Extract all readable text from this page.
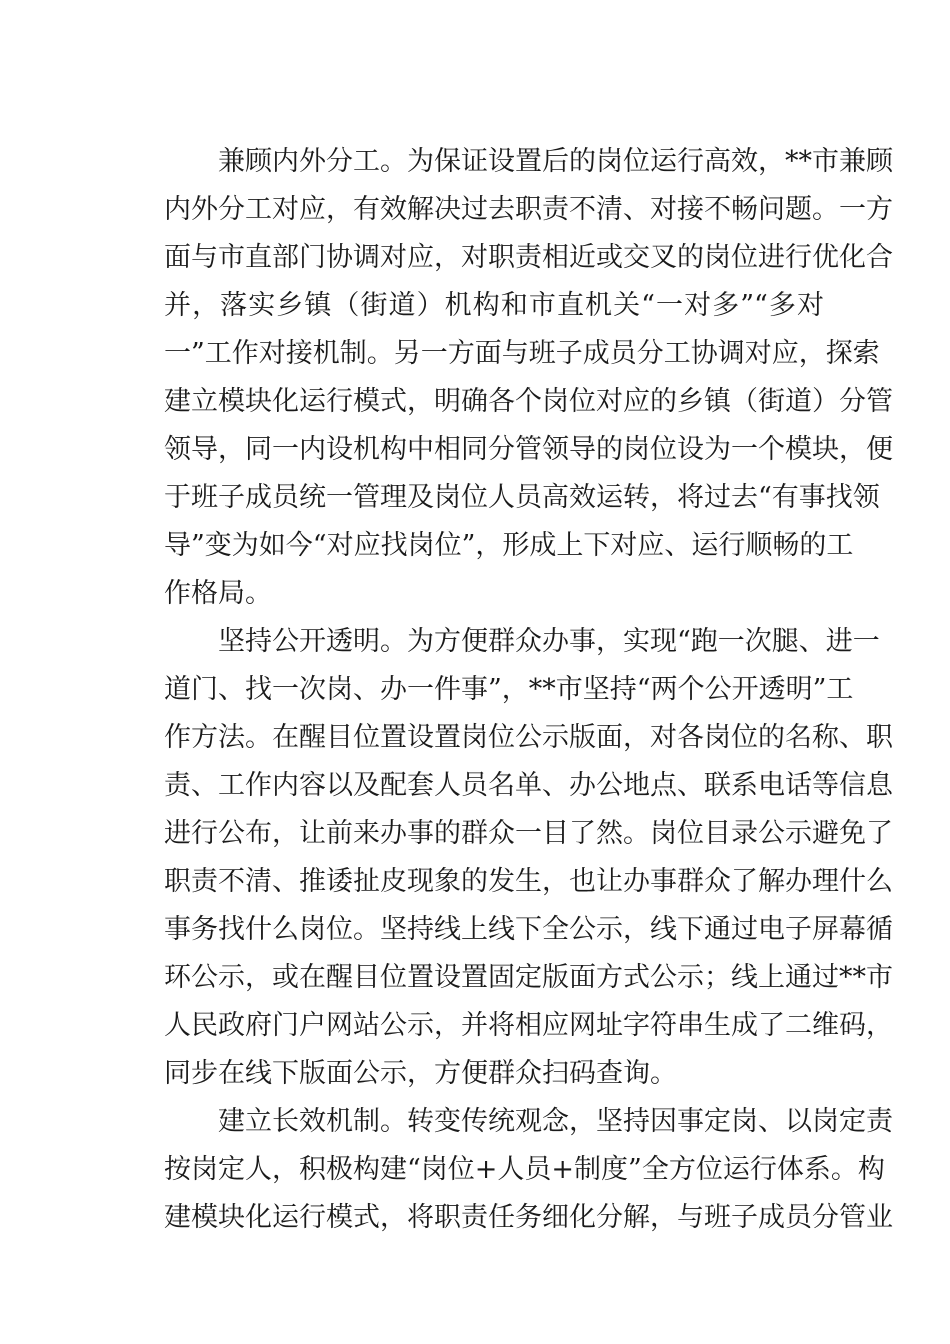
兼顾内外分工。为保证设置后的岗位运行高效，**市兼顾
内外分工对应，有效解决过去职责不清、对接不畅问题。一方
面与市直部门协调对应，对职责相近或交叉的岗位进行优化合
并，落实乡镇（街道）机构和市直机关“一对多”“多对
一”工作对接机制。另一方面与班子成员分工协调对应，探索
建立模块化运行模式，明确各个岗位对应的乡镇（街道）分管
领导，同一内设机构中相同分管领导的岗位设为一个模块，便
于班子成员统一管理及岗位人员高效运转，将过去“有事找领
导”变为如今“对应找岗位”，形成上下对应、运行顺畅的工
作格局。
坚持公开透明。为方便群众办事，实现“跑一次腿、进一
道门、找一次岗、办一件事”，**市坚持“两个公开透明”工
作方法。在醒目位置设置岗位公示版面，对各岗位的名称、职
责、工作内容以及配套人员名单、办公地点、联系电话等信息
进行公布，让前来办事的群众一目了然。岗位目录公示避免了
职责不清、推诿扯皮现象的发生，也让办事群众了解办理什么
事务找什么岗位。坚持线上线下全公示，线下通过电子屏幕循
环公示，或在醒目位置设置固定版面方式公示；线上通过**市
人民政府门户网站公示，并将相应网址字符串生成了二维码，
同步在线下版面公示，方便群众扫码查询。
建立长效机制。转变传统观念，坚持因事定岗、以岗定责
按岗定人，积极构建“岗位+人员+制度”全方位运行体系。构
建模块化运行模式，将职责任务细化分解，与班子成员分管业
